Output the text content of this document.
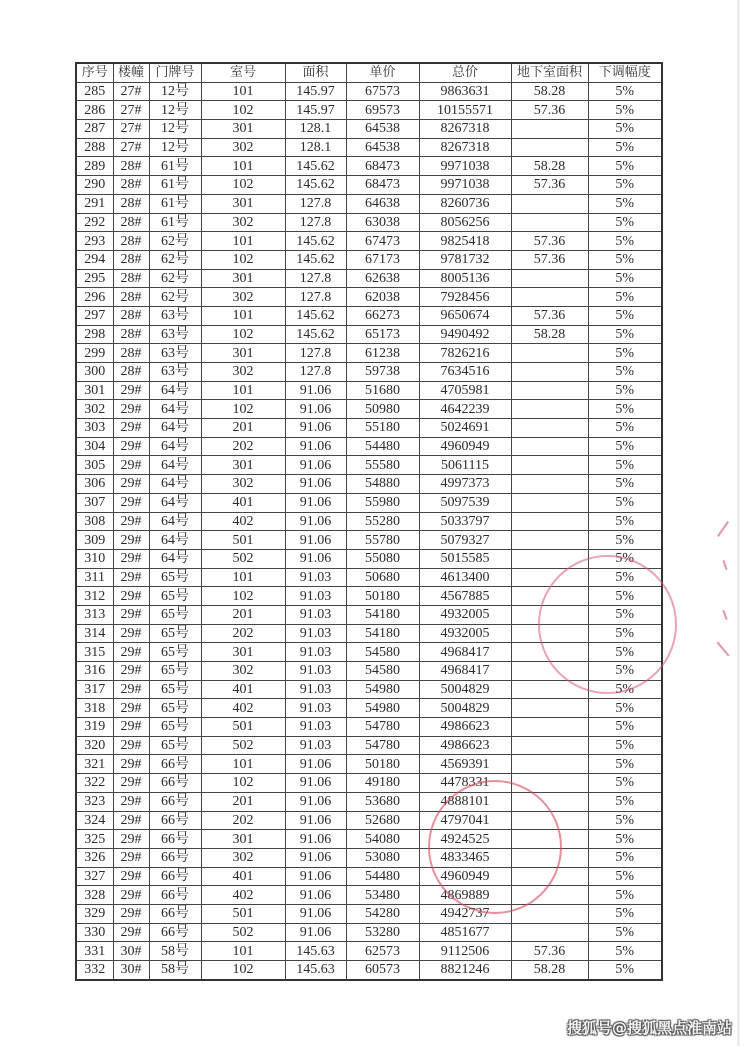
序号	楼幢	门牌号	室号	面积	单价	总价	地下室面积	下调幅度
285	27#	12号	101	145.97	67573	9863631	58.28	5%
286	27#	12号	102	145.97	69573	10155571	57.36	5%
287	27#	12号	301	128.1	64538	8267318		5%
288	27#	12号	302	128.1	64538	8267318		5%
289	28#	61号	101	145.62	68473	9971038	58.28	5%
290	28#	61号	102	145.62	68473	9971038	57.36	5%
291	28#	61号	301	127.8	64638	8260736		5%
292	28#	61号	302	127.8	63038	8056256		5%
293	28#	62号	101	145.62	67473	9825418	57.36	5%
294	28#	62号	102	145.62	67173	9781732	57.36	5%
295	28#	62号	301	127.8	62638	8005136		5%
296	28#	62号	302	127.8	62038	7928456		5%
297	28#	63号	101	145.62	66273	9650674	57.36	5%
298	28#	63号	102	145.62	65173	9490492	58.28	5%
299	28#	63号	301	127.8	61238	7826216		5%
300	28#	63号	302	127.8	59738	7634516		5%
301	29#	64号	101	91.06	51680	4705981		5%
302	29#	64号	102	91.06	50980	4642239		5%
303	29#	64号	201	91.06	55180	5024691		5%
304	29#	64号	202	91.06	54480	4960949		5%
305	29#	64号	301	91.06	55580	5061115		5%
306	29#	64号	302	91.06	54880	4997373		5%
307	29#	64号	401	91.06	55980	5097539		5%
308	29#	64号	402	91.06	55280	5033797		5%
309	29#	64号	501	91.06	55780	5079327		5%
310	29#	64号	502	91.06	55080	5015585		5%
311	29#	65号	101	91.03	50680	4613400		5%
312	29#	65号	102	91.03	50180	4567885		5%
313	29#	65号	201	91.03	54180	4932005		5%
314	29#	65号	202	91.03	54180	4932005		5%
315	29#	65号	301	91.03	54580	4968417		5%
316	29#	65号	302	91.03	54580	4968417		5%
317	29#	65号	401	91.03	54980	5004829		5%
318	29#	65号	402	91.03	54980	5004829		5%
319	29#	65号	501	91.03	54780	4986623		5%
320	29#	65号	502	91.03	54780	4986623		5%
321	29#	66号	101	91.06	50180	4569391		5%
322	29#	66号	102	91.06	49180	4478331		5%
323	29#	66号	201	91.06	53680	4888101		5%
324	29#	66号	202	91.06	52680	4797041		5%
325	29#	66号	301	91.06	54080	4924525		5%
326	29#	66号	302	91.06	53080	4833465		5%
327	29#	66号	401	91.06	54480	4960949		5%
328	29#	66号	402	91.06	53480	4869889		5%
329	29#	66号	501	91.06	54280	4942737		5%
330	29#	66号	502	91.06	53280	4851677		5%
331	30#	58号	101	145.63	62573	9112506	57.36	5%
332	30#	58号	102	145.63	60573	8821246	58.28	5%
搜狐号@搜狐黑点淮南站
